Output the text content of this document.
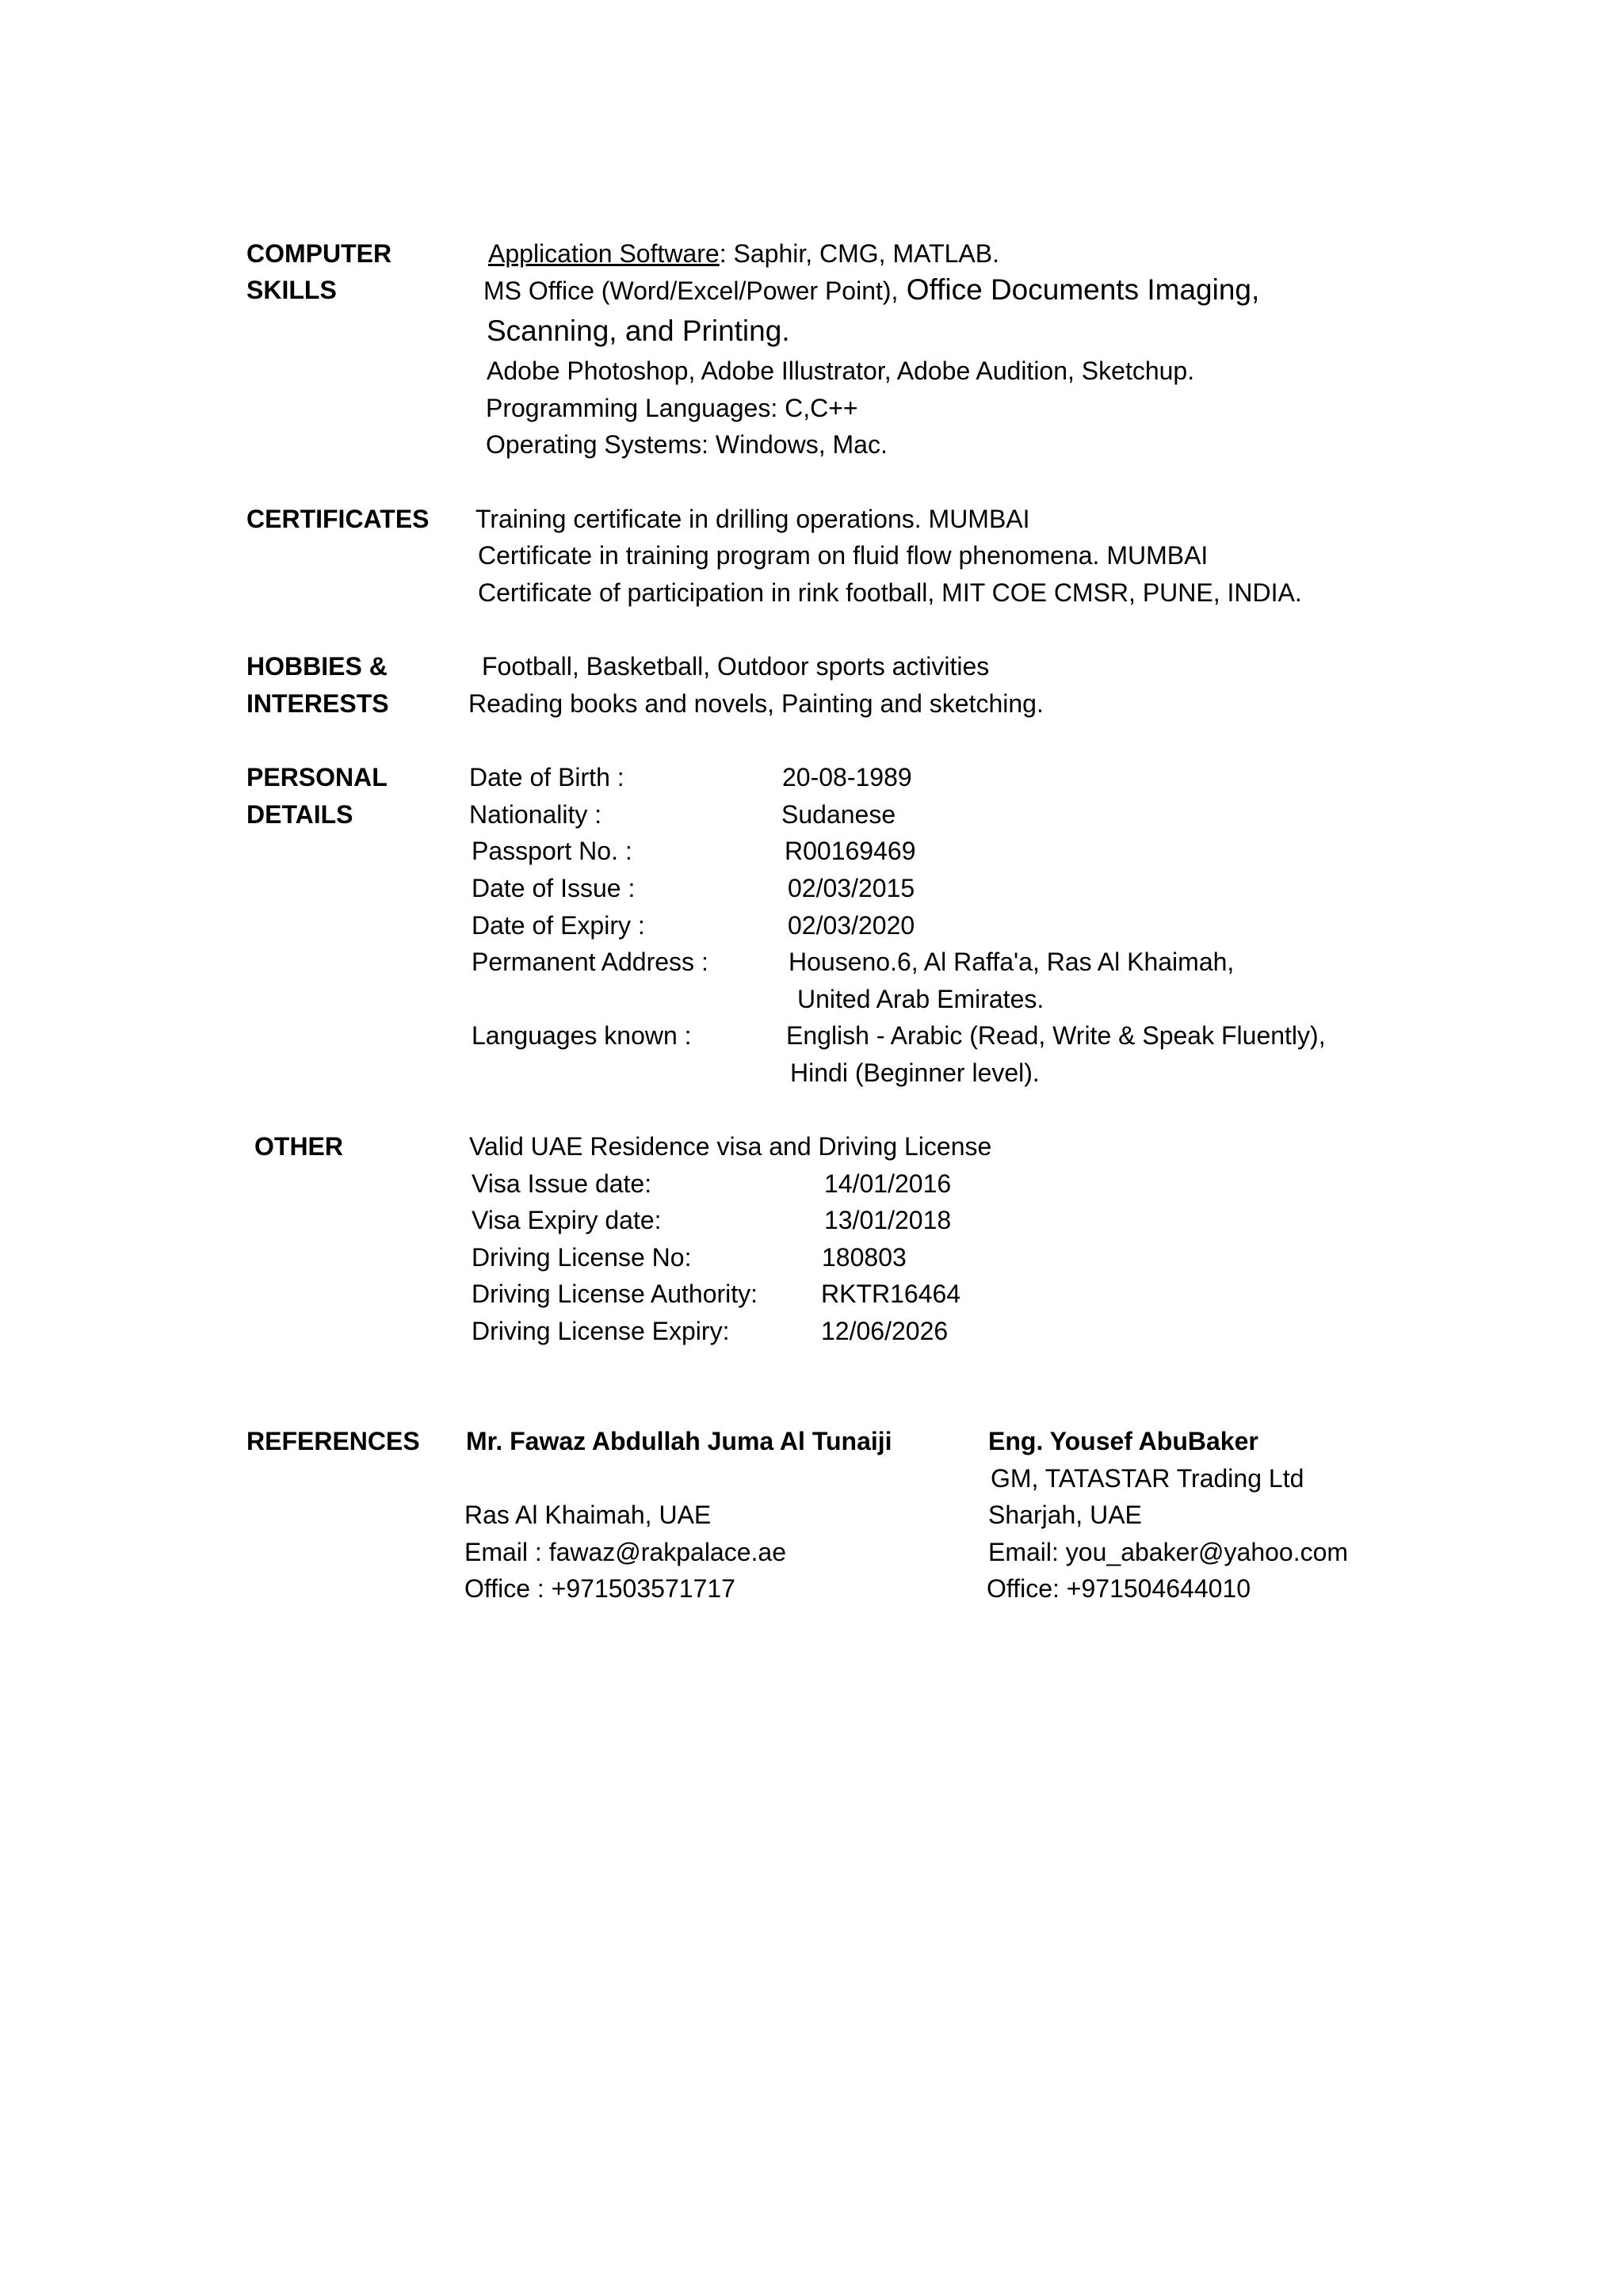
COMPUTER
SKILLS
Application Software: Saphir, CMG, MATLAB.
MS Office (Word/Excel/Power Point), Office Documents Imaging,
Scanning, and Printing.
Adobe Photoshop, Adobe Illustrator, Adobe Audition, Sketchup.
Programming Languages: C,C++
Operating Systems: Windows, Mac.
CERTIFICATES Training certificate in drilling operations. MUMBAI
Certificate in training program on fluid flow phenomena. MUMBAI
Certificate of participation in rink football, MIT COE CMSR, PUNE, INDIA.
HOBBIES &
INTERESTS
Football, Basketball, Outdoor sports activities
Reading books and novels, Painting and sketching.
PERSONAL
DETAILS
Date of Birth :	20-08-1989
Nationality :	Sudanese
Passport No. :	R00169469
Date of Issue :	02/03/2015
Date of Expiry :	02/03/2020
Permanent Address :	Houseno.6, Al Raffa'a, Ras Al Khaimah,
United Arab Emirates.
Languages known :	English - Arabic (Read, Write & Speak Fluently),
Hindi (Beginner level).
OTHER	Valid UAE Residence visa and Driving License
Visa Issue date:	14/01/2016
Visa Expiry date:	13/01/2018
Driving License No:	180803
Driving License Authority: RKTR16464
Driving License Expiry:	12/06/2026
REFERENCES Mr. Fawaz Abdullah Juma Al Tunaiji
Ras Al Khaimah, UAE
Email : fawaz@rakpalace.ae
Office : +971503571717
Eng. Yousef AbuBaker
GM, TATASTAR Trading Ltd
Sharjah, UAE
Email: you_abaker@yahoo.com
Office: +971504644010
